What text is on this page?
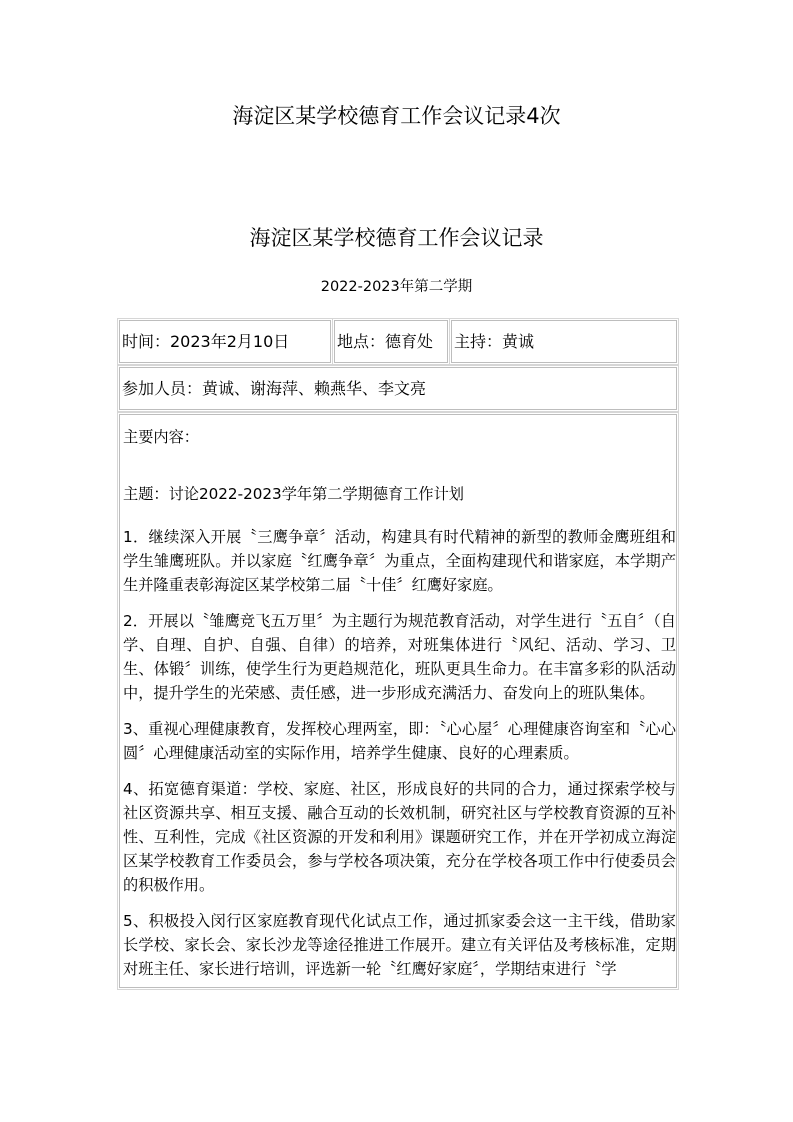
海淀区某学校德育工作会议记录4次
海淀区某学校德育工作会议记录
2022-2023年第二学期
时间：2023年2月10日	地点：德育处 主持：黄诚
参加人员：黄诚、谢海萍、赖燕华、李文亮

主要内容：

主题：讨论2022-2023学年第二学期德育工作计划

1．继续深入开展〝三鹰争章〞活动，构建具有时代精神的新型的教师金鹰班组和学生雏鹰班队。并以家庭〝红鹰争章〞为重点，全面构建现代和谐家庭，本学期产生并隆重表彰海淀区某学校第二届〝十佳〞红鹰好家庭。

2．开展以〝雏鹰竞飞五万里〞为主题行为规范教育活动，对学生进行〝五自〞（自学、自理、自护、自强、自律）的培养，对班集体进行〝风纪、活动、学习、卫生、体锻〞训练，使学生行为更趋规范化，班队更具生命力。在丰富多彩的队活动中，提升学生的光荣感、责任感，进一步形成充满活力、奋发向上的班队集体。

3、重视心理健康教育，发挥校心理两室，即：〝心心屋〞心理健康咨询室和〝心心圆〞心理健康活动室的实际作用，培养学生健康、良好的心理素质。

4、拓宽德育渠道：学校、家庭、社区，形成良好的共同的合力，通过探索学校与社区资源共享、相互支援、融合互动的长效机制，研究社区与学校教育资源的互补性、互利性，完成《社区资源的开发和利用》课题研究工作，并在开学初成立海淀区某学校教育工作委员会，参与学校各项决策，充分在学校各项工作中行使委员会的积极作用。

5、积极投入闵行区家庭教育现代化试点工作，通过抓家委会这一主干线，借助家长学校、家长会、家长沙龙等途径推进工作展开。建立有关评估及考核标准，定期对班主任、家长进行培训，评选新一轮〝红鹰好家庭〞，学期结束进行〝学
